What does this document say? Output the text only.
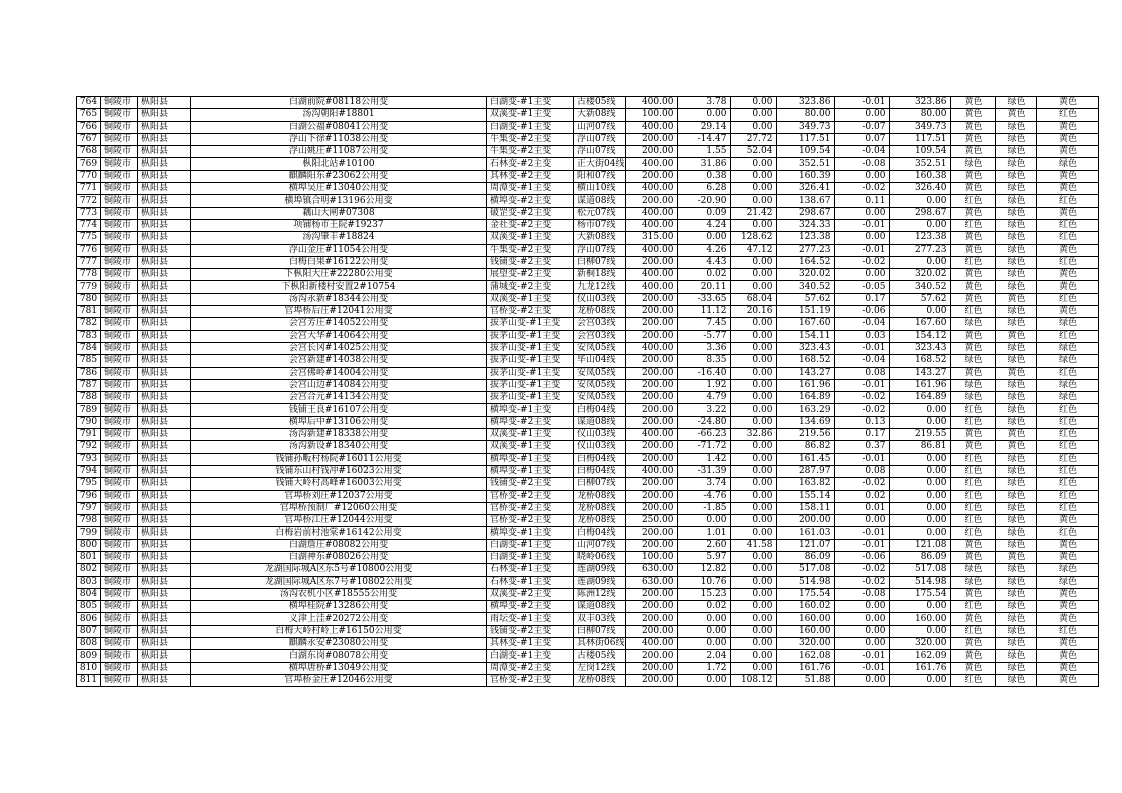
764	铜陵市	枞阳县	白湖前院#08118公用变	白湖变-#1主变	古楼05线	400.00	3.78	0.00	323.86	-0.01	323.86	黄色	绿色	黄色
765	铜陵市	枞阳县	汤沟朝阳#18801	双溪变-#1主变	大新08线	100.00	0.00	0.00	80.00	0.00	80.00	黄色	黄色	红色
766	铜陵市	枞阳县	白湖公福#08041公用变	白湖变-#1主变	山河07线	400.00	29.14	0.00	349.73	-0.07	349.73	黄色	绿色	黄色
767	铜陵市	枞阳县	浮山下徐#11038公用变	牛集变-#2主变	浮山07线	200.00	-14.47	27.72	117.51	0.07	117.51	黄色	绿色	黄色
768	铜陵市	枞阳县	浮山姚庄#11087公用变	牛集变-#2主变	浮山07线	200.00	1.55	52.04	109.54	-0.04	109.54	黄色	绿色	黄色
769	铜陵市	枞阳县	枞阳北站#10100	石林变-#2主变	正大街04线	400.00	31.86	0.00	352.51	-0.08	352.51	绿色	绿色	绿色
770	铜陵市	枞阳县	麒麟阳东#23062公用变	其林变-#2主变	阳和07线	200.00	0.38	0.00	160.39	0.00	160.38	黄色	绿色	黄色
771	铜陵市	枞阳县	横埠吴庄#13040公用变	周潭变-#1主变	横山10线	400.00	6.28	0.00	326.41	-0.02	326.40	黄色	绿色	黄色
772	铜陵市	枞阳县	横埠镇合明#13196公用变	横埠变-#2主变	谋道08线	200.00	-20.90	0.00	138.67	0.11	0.00	红色	绿色	红色
773	铜陵市	枞阳县	藕山大闸#07308	破罡变-#2主变	松元07线	400.00	0.09	21.42	298.67	0.00	298.67	黄色	绿色	黄色
774	铜陵市	枞阳县	项铺杨市王院#19237	金社变-#2主变	杨市07线	400.00	4.24	0.00	324.33	-0.01	0.00	红色	绿色	红色
775	铜陵市	枞阳县	汤沟肇丰#18824	双溪变-#1主变	大新08线	315.00	0.00	128.62	123.38	0.00	123.38	黄色	绿色	红色
776	铜陵市	枞阳县	浮山金庄#11054公用变	牛集变-#2主变	浮山07线	400.00	4.26	47.12	277.23	-0.01	277.23	黄色	绿色	黄色
777	铜陵市	枞阳县	白梅白果#16122公用变	钱铺变-#2主变	白柳07线	200.00	4.43	0.00	164.52	-0.02	0.00	红色	绿色	红色
778	铜陵市	枞阳县	下枞阳大庄#22280公用变	展望变-#2主变	新桐18线	400.00	0.02	0.00	320.02	0.00	320.02	黄色	绿色	黄色
779	铜陵市	枞阳县	下枞阳新楼村安置2#10754	蒲城变-#2主变	九龙12线	400.00	20.11	0.00	340.52	-0.05	340.52	黄色	绿色	黄色
780	铜陵市	枞阳县	汤沟永新#18344公用变	双溪变-#1主变	仪山03线	200.00	-33.65	68.04	57.62	0.17	57.62	黄色	黄色	红色
781	铜陵市	枞阳县	官埠桥后庄#12041公用变	官桥变-#2主变	龙桥08线	200.00	11.12	20.16	151.19	-0.06	0.00	红色	绿色	黄色
782	铜陵市	枞阳县	会宫芳庄#14052公用变	拔茅山变-#1主变	会宫03线	200.00	7.45	0.00	167.60	-0.04	167.60	绿色	绿色	绿色
783	铜陵市	枞阳县	会宫大华#14064公用变	拔茅山变-#1主变	会宫03线	200.00	-5.77	0.00	154.11	0.03	154.12	黄色	黄色	红色
784	铜陵市	枞阳县	会宫长冈#14025公用变	拔茅山变-#1主变	安凤05线	400.00	3.36	0.00	323.43	-0.01	323.43	黄色	绿色	绿色
785	铜陵市	枞阳县	会宫新建#14038公用变	拔茅山变-#1主变	毕山04线	200.00	8.35	0.00	168.52	-0.04	168.52	绿色	绿色	绿色
786	铜陵市	枞阳县	会宫佛岭#14004公用变	拔茅山变-#1主变	安凤05线	200.00	-16.40	0.00	143.27	0.08	143.27	黄色	黄色	红色
787	铜陵市	枞阳县	会宫山边#14084公用变	拔茅山变-#1主变	安凤05线	200.00	1.92	0.00	161.96	-0.01	161.96	绿色	绿色	绿色
788	铜陵市	枞阳县	会宫合元#14134公用变	拔茅山变-#1主变	安凤05线	200.00	4.79	0.00	164.89	-0.02	164.89	绿色	绿色	绿色
789	铜陵市	枞阳县	钱铺王良#16107公用变	横埠变-#1主变	白梅04线	200.00	3.22	0.00	163.29	-0.02	0.00	红色	绿色	红色
790	铜陵市	枞阳县	横埠后中#13106公用变	横埠变-#2主变	谋道08线	200.00	-24.80	0.00	134.69	0.13	0.00	红色	绿色	红色
791	铜陵市	枞阳县	汤沟新建#18338公用变	双溪变-#1主变	仪山03线	400.00	-66.23	32.86	219.56	0.17	219.55	黄色	黄色	红色
792	铜陵市	枞阳县	汤沟新设#18340公用变	双溪变-#1主变	仪山03线	200.00	-71.72	0.00	86.82	0.37	86.81	黄色	黄色	红色
793	铜陵市	枞阳县	钱铺孙畈村杨院#16011公用变	横埠变-#1主变	白梅04线	200.00	1.42	0.00	161.45	-0.01	0.00	红色	绿色	红色
794	铜陵市	枞阳县	钱铺东山村钱冲#16023公用变	横埠变-#1主变	白梅04线	400.00	-31.39	0.00	287.97	0.08	0.00	红色	绿色	红色
795	铜陵市	枞阳县	钱铺大岭村高峰#16003公用变	钱铺变-#2主变	白柳07线	200.00	3.74	0.00	163.82	-0.02	0.00	红色	绿色	红色
796	铜陵市	枞阳县	官埠桥刘庄#12037公用变	官桥变-#2主变	龙桥08线	200.00	-4.76	0.00	155.14	0.02	0.00	红色	绿色	红色
797	铜陵市	枞阳县	官埠桥预制厂#12060公用变	官桥变-#2主变	龙桥08线	200.00	-1.85	0.00	158.11	0.01	0.00	红色	绿色	红色
798	铜陵市	枞阳县	官埠桥江庄#12044公用变	官桥变-#2主变	龙桥08线	250.00	0.00	0.00	200.00	0.00	0.00	红色	绿色	黄色
799	铜陵市	枞阳县	白梅岩前村池棠#16142公用变	横埠变-#1主变	白梅04线	200.00	1.01	0.00	161.03	-0.01	0.00	红色	绿色	红色
800	铜陵市	枞阳县	白湖詹庄#08082公用变	白湖变-#1主变	山河07线	200.00	2.60	41.58	121.07	-0.01	121.08	黄色	绿色	黄色
801	铜陵市	枞阳县	白湖神东#08026公用变	白湖变-#1主变	晓岭06线	100.00	5.97	0.00	86.09	-0.06	86.09	黄色	黄色	黄色
802	铜陵市	枞阳县	龙湖国际城A区东5号#10800公用变	石林变-#1主变	莲湖09线	630.00	12.82	0.00	517.08	-0.02	517.08	绿色	绿色	绿色
803	铜陵市	枞阳县	龙湖国际城A区东7号#10802公用变	石林变-#1主变	莲湖09线	630.00	10.76	0.00	514.98	-0.02	514.98	绿色	绿色	绿色
804	铜陵市	枞阳县	汤沟农机小区#18555公用变	双溪变-#2主变	陈洲12线	200.00	15.23	0.00	175.54	-0.08	175.54	黄色	绿色	黄色
805	铜陵市	枞阳县	横埠桂院#13286公用变	横埠变-#2主变	谋道08线	200.00	0.02	0.00	160.02	0.00	0.00	红色	绿色	黄色
806	铜陵市	枞阳县	义津上洼#20272公用变	雨坛变-#1主变	双丰03线	200.00	0.00	0.00	160.00	0.00	160.00	黄色	绿色	黄色
807	铜陵市	枞阳县	白梅大岭村岭上#16150公用变	钱铺变-#2主变	白柳07线	200.00	0.00	0.00	160.00	0.00	0.00	红色	绿色	红色
808	铜陵市	枞阳县	麒麟永安#23080公用变	其林变-#1主变	其林街06线	400.00	0.00	0.00	320.00	0.00	320.00	黄色	绿色	黄色
809	铜陵市	枞阳县	白湖东岗#08078公用变	白湖变-#1主变	古楼05线	200.00	2.04	0.00	162.08	-0.01	162.09	黄色	绿色	黄色
810	铜陵市	枞阳县	横埠唐桥#13049公用变	周潭变-#2主变	左岗12线	200.00	1.72	0.00	161.76	-0.01	161.76	黄色	绿色	黄色
811	铜陵市	枞阳县	官埠桥金庄#12046公用变	官桥变-#2主变	龙桥08线	200.00	0.00	108.12	51.88	0.00	0.00	红色	绿色	黄色
